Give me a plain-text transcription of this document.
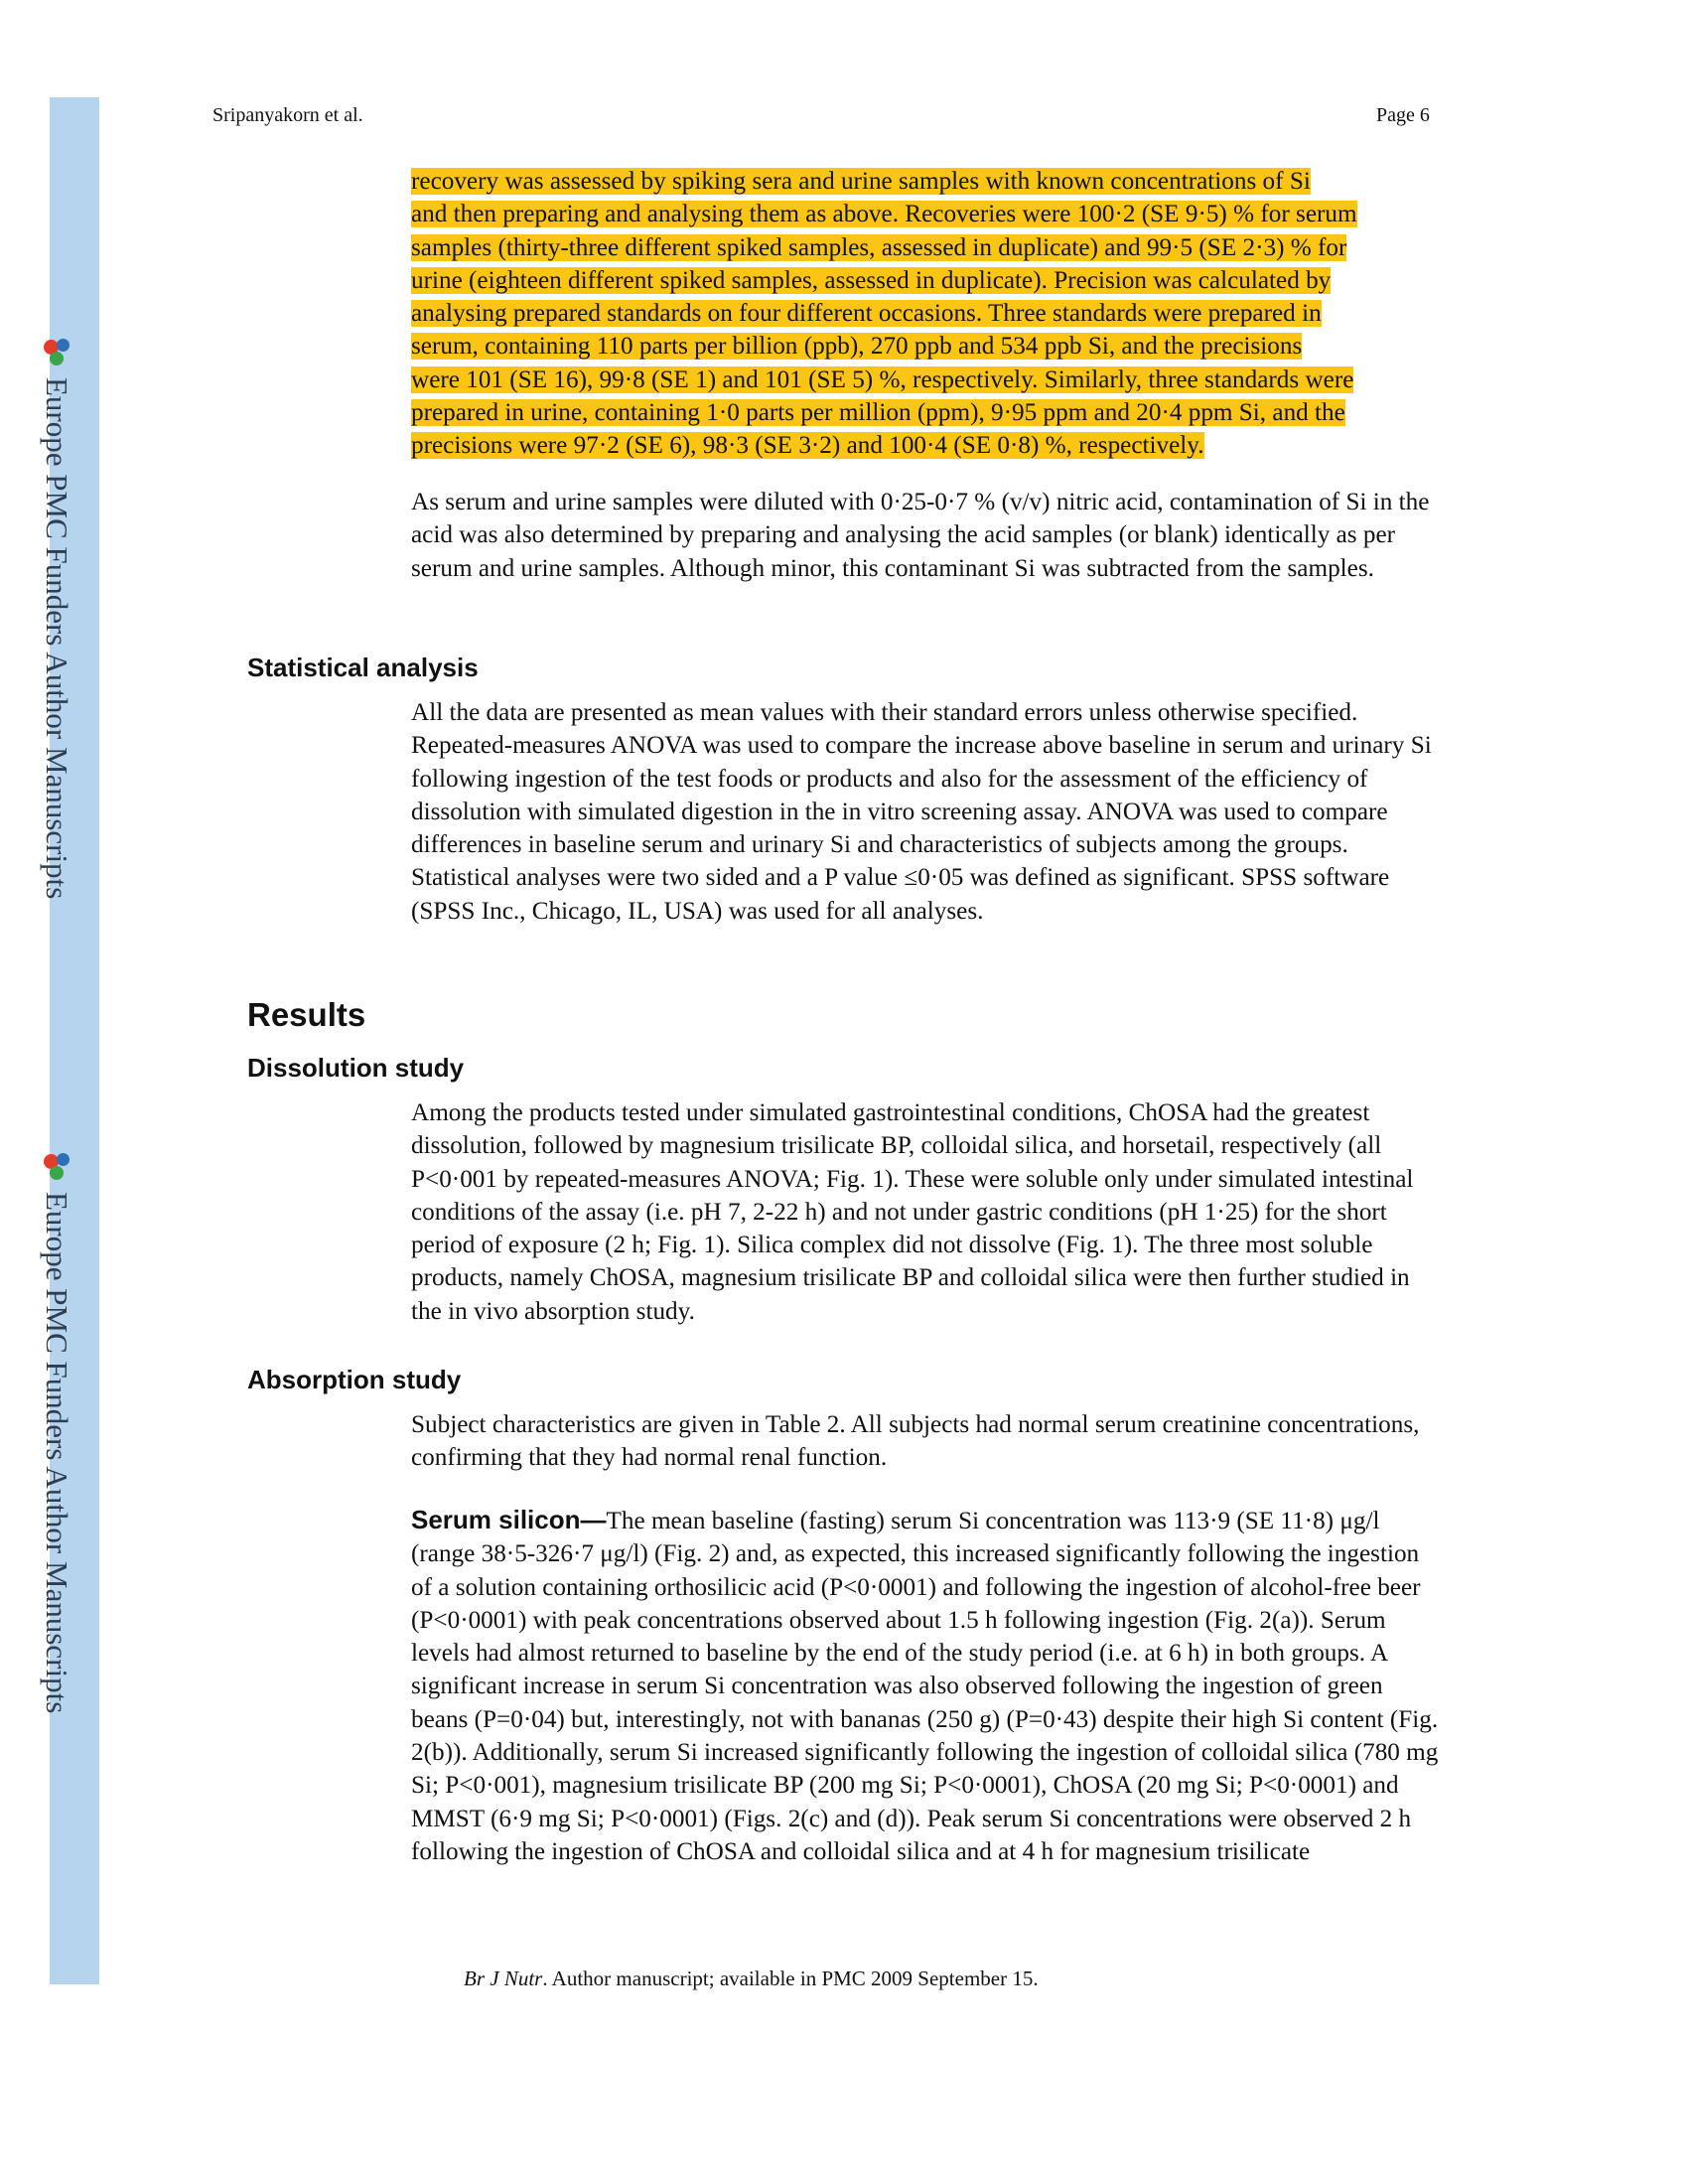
Europe PMC Funders Author Manuscripts
Europe PMC Funders Author Manuscripts
Sripanyakorn et al.	Page 6

recovery was assessed by spiking sera and urine samples with known concentrations of Si

and then preparing and analysing them as above. Recoveries were 100·2 (SE 9·5) % for serum

samples (thirty-three different spiked samples, assessed in duplicate) and 99·5 (SE 2·3) % for

urine (eighteen different spiked samples, assessed in duplicate). Precision was calculated by

analysing prepared standards on four different occasions. Three standards were prepared in

serum, containing 110 parts per billion (ppb), 270 ppb and 534 ppb Si, and the precisions

were 101 (SE 16), 99·8 (SE 1) and 101 (SE 5) %, respectively. Similarly, three standards were

prepared in urine, containing 1·0 parts per million (ppm), 9·95 ppm and 20·4 ppm Si, and the

precisions were 97·2 (SE 6), 98·3 (SE 3·2) and 100·4 (SE 0·8) %, respectively.

As serum and urine samples were diluted with 0·25-0·7 % (v/v) nitric acid, contamination of Si in the acid was also determined by preparing and analysing the acid samples (or blank) identically as per serum and urine samples. Although minor, this contaminant Si was subtracted from the samples.
Statistical analysis
All the data are presented as mean values with their standard errors unless otherwise specified. Repeated-measures ANOVA was used to compare the increase above baseline in serum and urinary Si following ingestion of the test foods or products and also for the assessment of the efficiency of dissolution with simulated digestion in the in vitro screening assay. ANOVA was used to compare differences in baseline serum and urinary Si and characteristics of subjects among the groups. Statistical analyses were two sided and a P value ≤0·05 was defined as significant. SPSS software (SPSS Inc., Chicago, IL, USA) was used for all analyses.
Results
Dissolution study
Among the products tested under simulated gastrointestinal conditions, ChOSA had the greatest dissolution, followed by magnesium trisilicate BP, colloidal silica, and horsetail, respectively (all P<0·001 by repeated-measures ANOVA; Fig. 1). These were soluble only under simulated intestinal conditions of the assay (i.e. pH 7, 2-22 h) and not under gastric conditions (pH 1·25) for the short period of exposure (2 h; Fig. 1). Silica complex did not dissolve (Fig. 1). The three most soluble products, namely ChOSA, magnesium trisilicate BP and colloidal silica were then further studied in the in vivo absorption study.
Absorption study
Subject characteristics are given in Table 2. All subjects had normal serum creatinine concentrations, confirming that they had normal renal function.
Serum silicon—The mean baseline (fasting) serum Si concentration was 113·9 (SE 11·8) μg/l (range 38·5-326·7 μg/l) (Fig. 2) and, as expected, this increased significantly following the ingestion of a solution containing orthosilicic acid (P<0·0001) and following the ingestion of alcohol-free beer (P<0·0001) with peak concentrations observed about 1.5 h following ingestion (Fig. 2(a)). Serum levels had almost returned to baseline by the end of the study period (i.e. at 6 h) in both groups. A significant increase in serum Si concentration was also observed following the ingestion of green beans (P=0·04) but, interestingly, not with bananas (250 g) (P=0·43) despite their high Si content (Fig. 2(b)). Additionally, serum Si increased significantly following the ingestion of colloidal silica (780 mg Si; P<0·001), magnesium trisilicate BP (200 mg Si; P<0·0001), ChOSA (20 mg Si; P<0·0001) and MMST (6·9 mg Si; P<0·0001) (Figs. 2(c) and (d)). Peak serum Si concentrations were observed 2 h following the ingestion of ChOSA and colloidal silica and at 4 h for magnesium trisilicate
Br J Nutr. Author manuscript; available in PMC 2009 September 15.
